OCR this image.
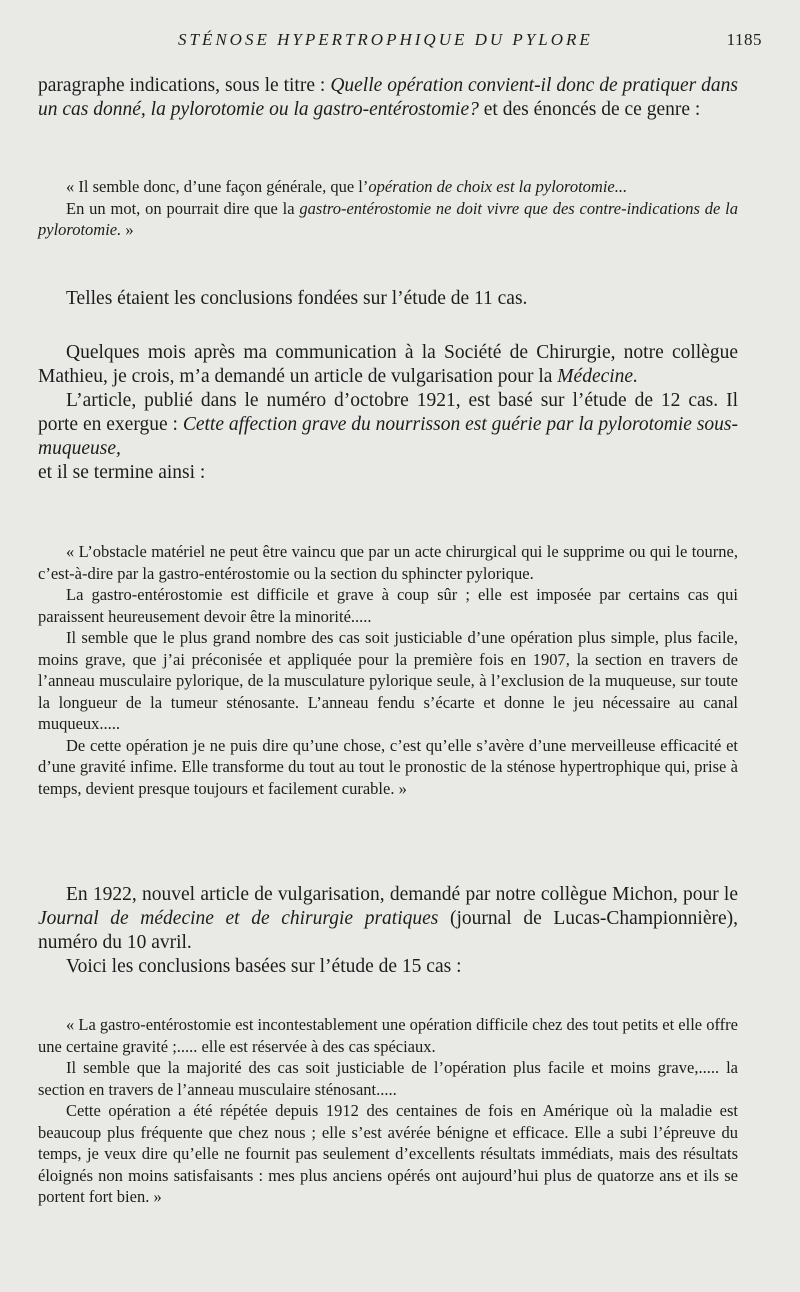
STÉNOSE HYPERTROPHIQUE DU PYLORE	1185

paragraphe indications, sous le titre : Quelle opération convient-il donc de pratiquer dans un cas donné, la pylorotomie ou la gastro-entérostomie? et des énoncés de ce genre :

« Il semble donc, d’une façon générale, que l’opération de choix est la pylorotomie...

En un mot, on pourrait dire que la gastro-entérostomie ne doit vivre que des contre-indications de la pylorotomie. »

Telles étaient les conclusions fondées sur l’étude de 11 cas.

Quelques mois après ma communication à la Société de Chirurgie, notre collègue Mathieu, je crois, m’a demandé un article de vulgarisation pour la Médecine.

L’article, publié dans le numéro d’octobre 1921, est basé sur l’étude de 12 cas. Il porte en exergue : Cette affection grave du nourrisson est guérie par la pylorotomie sous-muqueuse,

et il se termine ainsi :

« L’obstacle matériel ne peut être vaincu que par un acte chirurgical qui le supprime ou qui le tourne, c’est-à-dire par la gastro-entérostomie ou la section du sphincter pylorique.

La gastro-entérostomie est difficile et grave à coup sûr ; elle est imposée par certains cas qui paraissent heureusement devoir être la minorité.....

Il semble que le plus grand nombre des cas soit justiciable d’une opération plus simple, plus facile, moins grave, que j’ai préconisée et appliquée pour la première fois en 1907, la section en travers de l’anneau musculaire pylorique, de la musculature pylorique seule, à l’exclusion de la muqueuse, sur toute la longueur de la tumeur sténosante. L’anneau fendu s’écarte et donne le jeu nécessaire au canal muqueux.....

De cette opération je ne puis dire qu’une chose, c’est qu’elle s’avère d’une merveilleuse efficacité et d’une gravité infime. Elle transforme du tout au tout le pronostic de la sténose hypertrophique qui, prise à temps, devient presque toujours et facilement curable. »

En 1922, nouvel article de vulgarisation, demandé par notre collègue Michon, pour le Journal de médecine et de chirurgie pratiques (journal de Lucas-Championnière), numéro du 10 avril.

Voici les conclusions basées sur l’étude de 15 cas :

« La gastro-entérostomie est incontestablement une opération difficile chez des tout petits et elle offre une certaine gravité ;..... elle est réservée à des cas spéciaux.

Il semble que la majorité des cas soit justiciable de l’opération plus facile et moins grave,..... la section en travers de l’anneau musculaire sténosant.....

Cette opération a été répétée depuis 1912 des centaines de fois en Amérique où la maladie est beaucoup plus fréquente que chez nous ; elle s’est avérée bénigne et efficace. Elle a subi l’épreuve du temps, je veux dire qu’elle ne fournit pas seulement d’excellents résultats immédiats, mais des résultats éloignés non moins satisfaisants : mes plus anciens opérés ont aujourd’hui plus de quatorze ans et ils se portent fort bien. »
